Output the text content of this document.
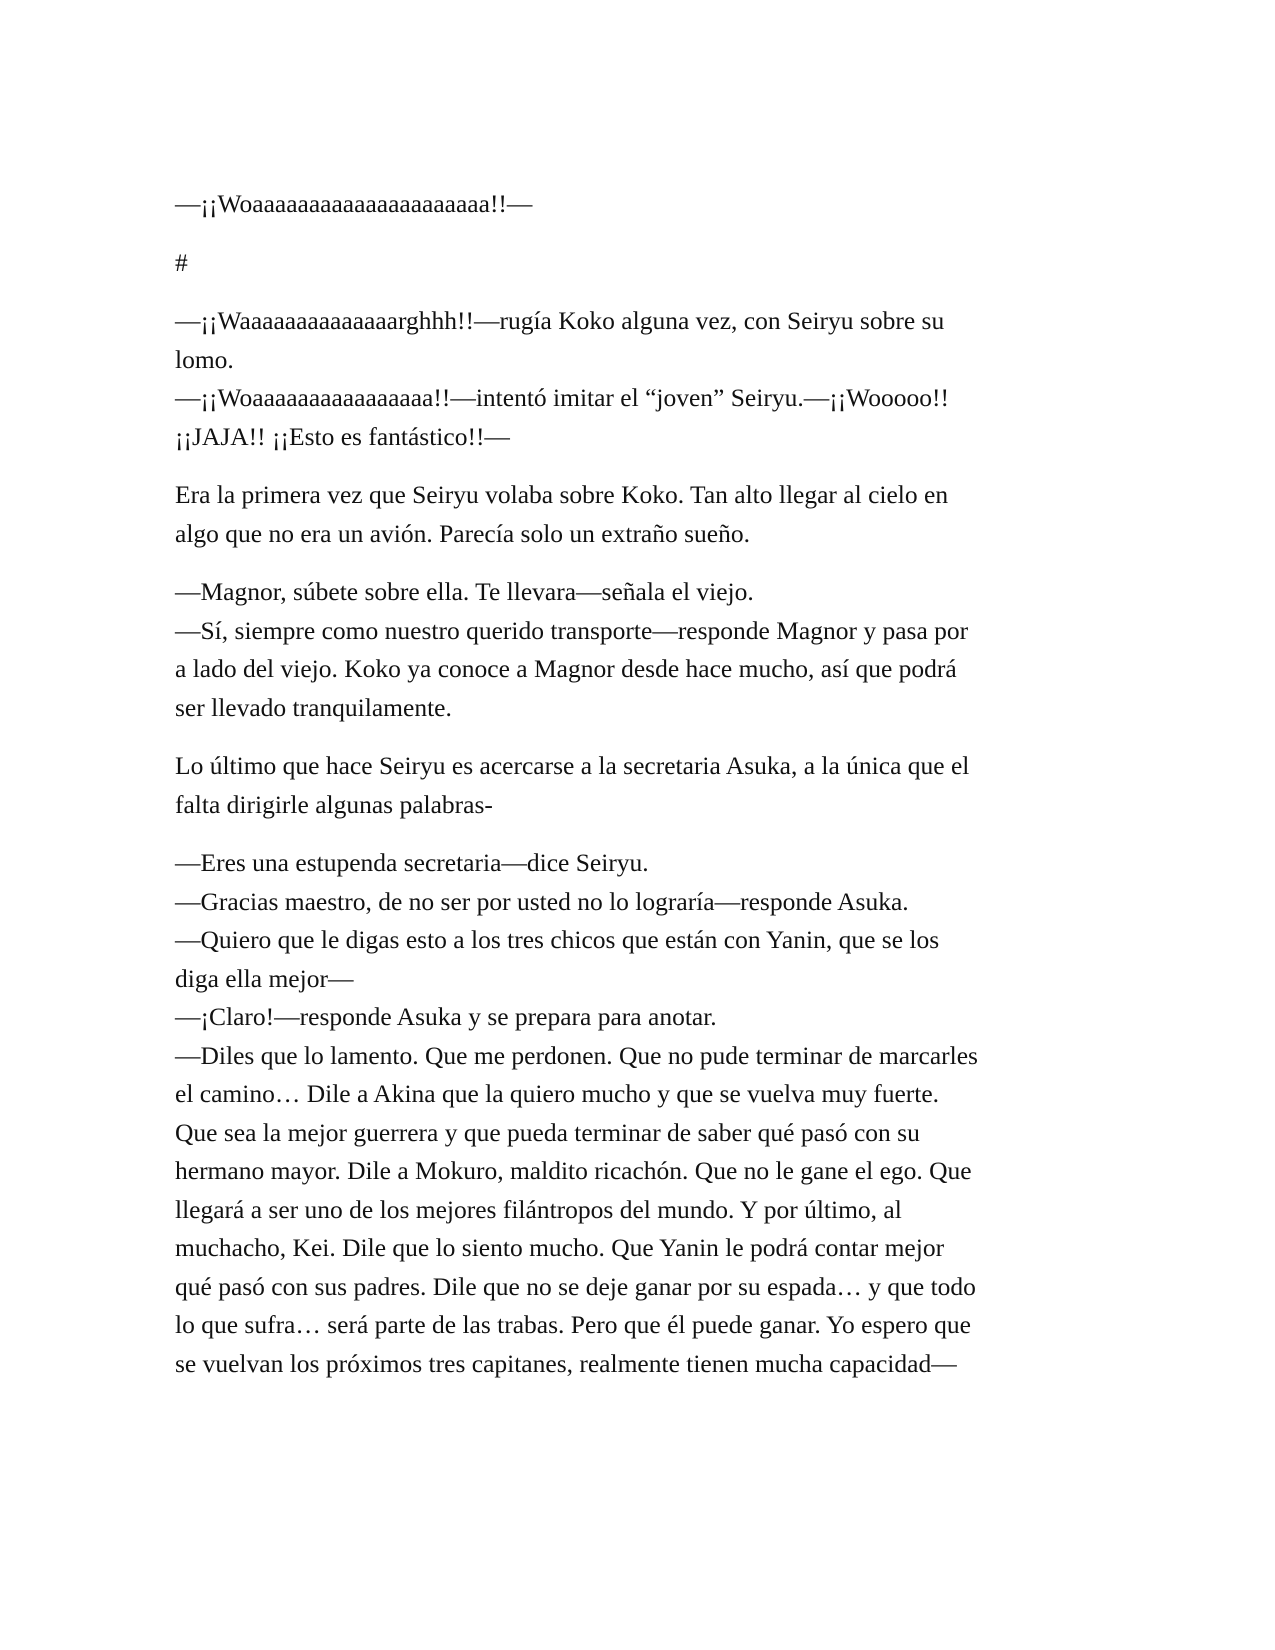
—¡¡Woaaaaaaaaaaaaaaaaaaaaa!!—

#

—¡¡Waaaaaaaaaaaaaarghhh!!—rugía Koko alguna vez, con Seiryu sobre su
lomo.

—¡¡Woaaaaaaaaaaaaaaaa!!—intentó imitar el “joven” Seiryu.—¡¡Wooooo!!
¡¡JAJA!! ¡¡Esto es fantástico!!—

Era la primera vez que Seiryu volaba sobre Koko. Tan alto llegar al cielo en
algo que no era un avión. Parecía solo un extraño sueño.

—Magnor, súbete sobre ella. Te llevara—señala el viejo.

—Sí, siempre como nuestro querido transporte—responde Magnor y pasa por
a lado del viejo. Koko ya conoce a Magnor desde hace mucho, así que podrá
ser llevado tranquilamente.

Lo último que hace Seiryu es acercarse a la secretaria Asuka, a la única que el
falta dirigirle algunas palabras-

—Eres una estupenda secretaria—dice Seiryu.

—Gracias maestro, de no ser por usted no lo lograría—responde Asuka.

—Quiero que le digas esto a los tres chicos que están con Yanin, que se los
diga ella mejor—

—¡Claro!—responde Asuka y se prepara para anotar.

—Diles que lo lamento. Que me perdonen. Que no pude terminar de marcarles
el camino… Dile a Akina que la quiero mucho y que se vuelva muy fuerte.
Que sea la mejor guerrera y que pueda terminar de saber qué pasó con su
hermano mayor. Dile a Mokuro, maldito ricachón. Que no le gane el ego. Que
llegará a ser uno de los mejores filántropos del mundo. Y por último, al
muchacho, Kei. Dile que lo siento mucho. Que Yanin le podrá contar mejor
qué pasó con sus padres. Dile que no se deje ganar por su espada… y que todo
lo que sufra… será parte de las trabas. Pero que él puede ganar. Yo espero que
se vuelvan los próximos tres capitanes, realmente tienen mucha capacidad—
